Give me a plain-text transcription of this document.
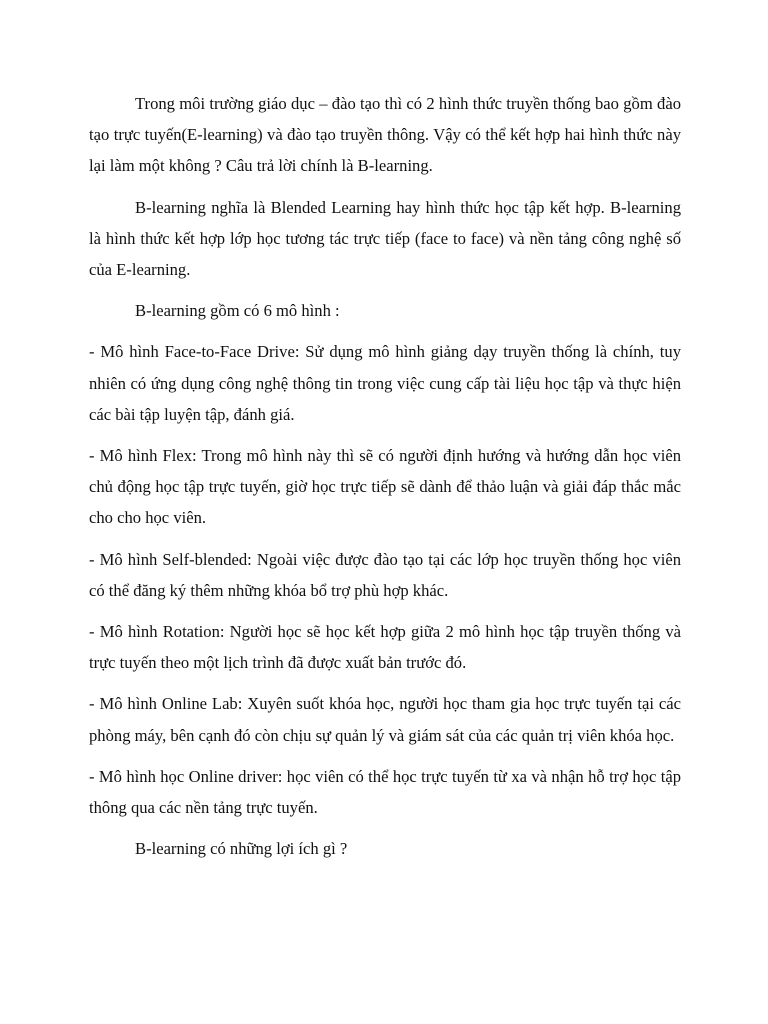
Trong môi trường giáo dục – đào tạo thì có 2 hình thức truyền thống bao gồm đào tạo trực tuyến(E-learning) và đào tạo truyền thông. Vậy có thể kết hợp hai hình thức này lại làm một không ? Câu trả lời chính là B-learning.

B-learning nghĩa là Blended Learning hay hình thức học tập kết hợp. B-learning là hình thức kết hợp lớp học tương tác trực tiếp (face to face) và nền tảng công nghệ số của E-learning.

B-learning gồm có 6 mô hình :

- Mô hình Face-to-Face Drive: Sử dụng mô hình giảng dạy truyền thống là chính, tuy nhiên có ứng dụng công nghệ thông tin trong việc cung cấp tài liệu học tập và thực hiện các bài tập luyện tập, đánh giá.

- Mô hình Flex: Trong mô hình này thì sẽ có người định hướng và hướng dẫn học viên chủ động học tập trực tuyến, giờ học trực tiếp sẽ dành để thảo luận và giải đáp thắc mắc cho cho học viên.

- Mô hình Self-blended: Ngoài việc được đào tạo tại các lớp học truyền thống học viên có thể đăng ký thêm những khóa bổ trợ phù hợp khác.

- Mô hình Rotation: Người học sẽ học kết hợp giữa 2 mô hình học tập truyền thống và trực tuyến theo một lịch trình đã được xuất bản trước đó.

- Mô hình Online Lab: Xuyên suốt khóa học, người học tham gia học trực tuyến tại các phòng máy, bên cạnh đó còn chịu sự quản lý và giám sát của các quản trị viên khóa học.

- Mô hình học Online driver: học viên có thể học trực tuyến từ xa và nhận hỗ trợ học tập thông qua các nền tảng trực tuyến.

B-learning có những lợi ích gì ?
